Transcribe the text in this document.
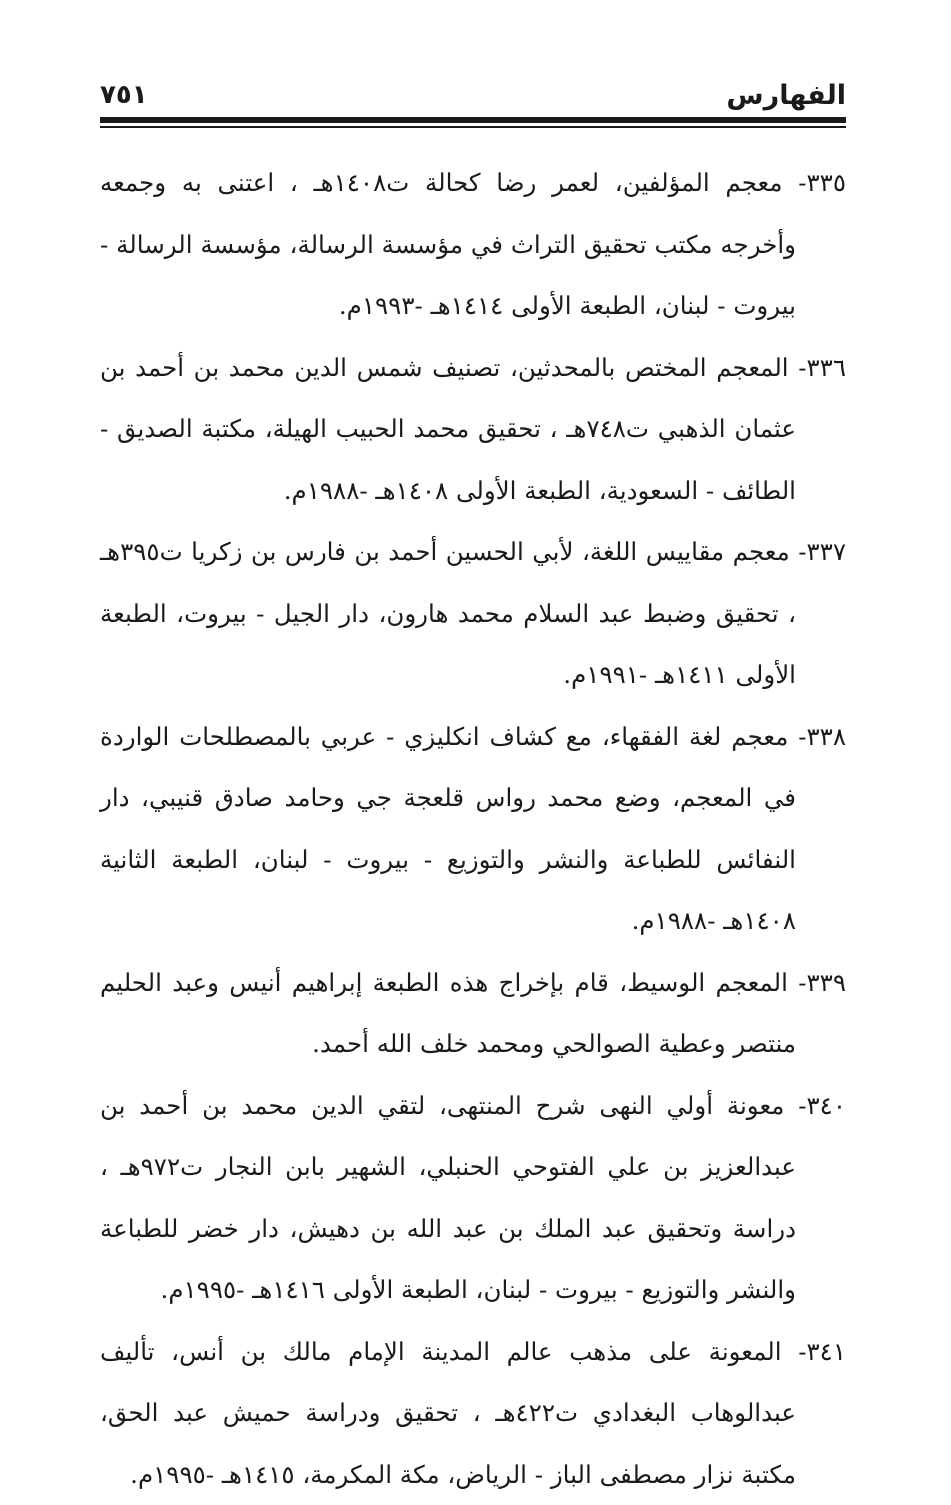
الفهارس
٧٥١

٣٣٥- معجم المؤلفين، لعمر رضا كحالة ت١٤٠٨هـ ، اعتنى به وجمعه وأخرجه مكتب تحقيق التراث في مؤسسة الرسالة، مؤسسة الرسالة - بيروت - لبنان، الطبعة الأولى ١٤١٤هـ -١٩٩٣م.

٣٣٦- المعجم المختص بالمحدثين، تصنيف شمس الدين محمد بن أحمد بن عثمان الذهبي ت٧٤٨هـ ، تحقيق محمد الحبيب الهيلة، مكتبة الصديق - الطائف - السعودية، الطبعة الأولى ١٤٠٨هـ -١٩٨٨م.

٣٣٧- معجم مقاييس اللغة، لأبي الحسين أحمد بن فارس بن زكريا ت٣٩٥هـ ، تحقيق وضبط عبد السلام محمد هارون، دار الجيل - بيروت، الطبعة الأولى ١٤١١هـ -١٩٩١م.

٣٣٨- معجم لغة الفقهاء، مع كشاف انكليزي - عربي بالمصطلحات الواردة في المعجم، وضع محمد رواس قلعجة جي وحامد صادق قنيبي، دار النفائس للطباعة والنشر والتوزيع - بيروت - لبنان، الطبعة الثانية ١٤٠٨هـ -١٩٨٨م.

٣٣٩- المعجم الوسيط، قام بإخراج هذه الطبعة إبراهيم أنيس وعبد الحليم منتصر وعطية الصوالحي ومحمد خلف الله أحمد.

٣٤٠- معونة أولي النهى شرح المنتهى، لتقي الدين محمد بن أحمد بن عبدالعزيز بن علي الفتوحي الحنبلي، الشهير بابن النجار ت٩٧٢هـ ، دراسة وتحقيق عبد الملك بن عبد الله بن دهيش، دار خضر للطباعة والنشر والتوزيع - بيروت - لبنان، الطبعة الأولى ١٤١٦هـ -١٩٩٥م.

٣٤١- المعونة على مذهب عالم المدينة الإمام مالك بن أنس، تأليف عبدالوهاب البغدادي ت٤٢٢هـ ، تحقيق ودراسة حميش عبد الحق، مكتبة نزار مصطفى الباز - الرياض، مكة المكرمة، ١٤١٥هـ -١٩٩٥م.
